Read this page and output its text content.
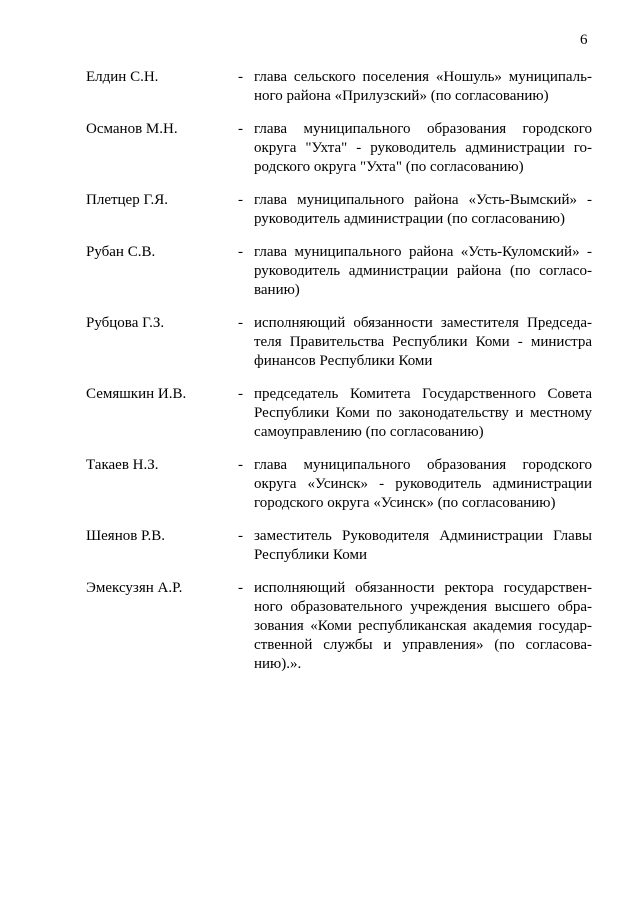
6
Елдин С.Н.	- глава сельского поселения «Ношуль» муниципаль-
ного района «Прилузский» (по согласованию)
Османов М.Н.	- глава муниципального образования городского
округа "Ухта" - руководитель администрации го-
родского округа "Ухта" (по согласованию)
Плетцер Г.Я.	- глава муниципального района «Усть-Вымский» -
руководитель администрации (по согласованию)
Рубан С.В.	- глава муниципального района «Усть-Куломский» -
руководитель администрации района (по согласо-
ванию)
Рубцова Г.З.	- исполняющий обязанности заместителя Председа-
теля Правительства Республики Коми - министра
финансов Республики Коми
Семяшкин И.В.	- председатель Комитета Государственного Совета
Республики Коми по законодательству и местному
самоуправлению (по согласованию)
Такаев Н.З.	- глава муниципального образования городского
округа «Усинск» - руководитель администрации
городского округа «Усинск» (по согласованию)
Шеянов Р.В.	- заместитель Руководителя Администрации Главы
Республики Коми
Эмексузян А.Р.	- исполняющий обязанности ректора государствен-
ного образовательного учреждения высшего обра-
зования «Коми республиканская академия государ-
ственной службы и управления» (по согласова-
нию).».
